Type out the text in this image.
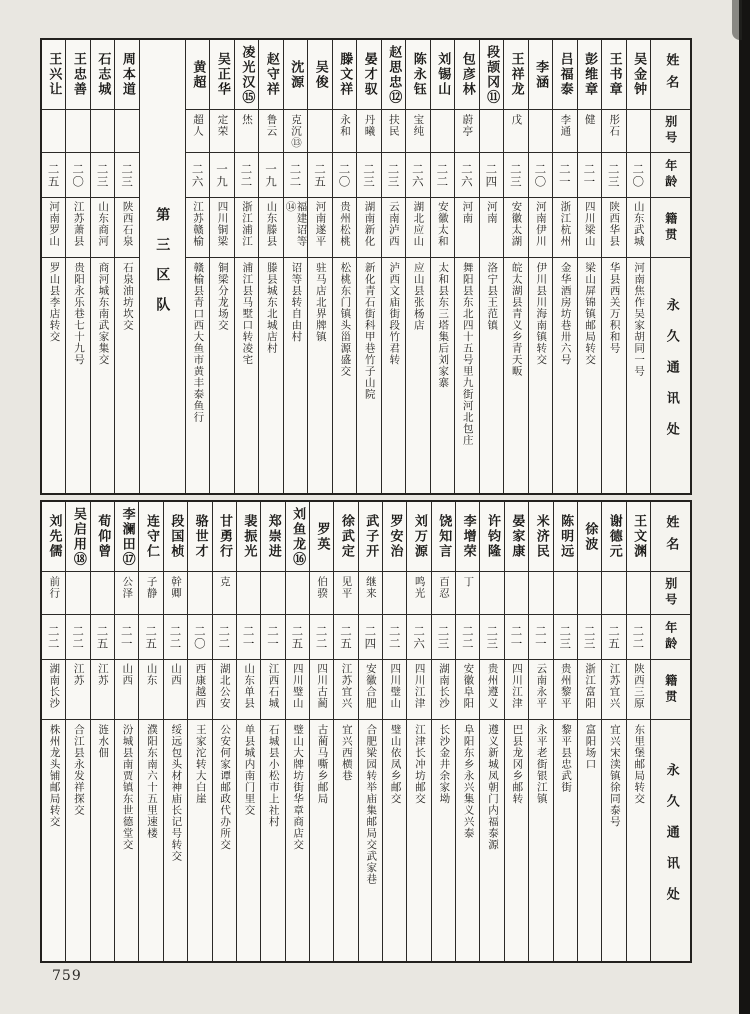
姓名
别号
年龄
籍贯
永久通讯处
吴金钟
二〇
山东武城
河南焦作吴家胡同一号
王书章
彤石
二三
陕西华县
华县西关万积和号
彭维章
健
二一
四川梁山
梁山屏锦镇邮局转交
吕福泰
李通
二一
浙江杭州
金华酒房坊巷卅六号
李涵
二〇
河南伊川
伊川县川海南镇转交
王祥龙
戊
二三
安徽太湖
皖太湖县青义乡青天畈
段颉冈⑪
二四
河南
洛宁县王范镇
包彦林
蔚亭
二六
河南
舞阳县东北四十五号里九街河北包庄
刘锡山
二二
安徽太和
太和县东三塔集后刘家寨
陈永钰
宝纯
二六
湖北应山
应山县张杨店
赵思忠⑫
扶民
二三
云南泸西
泸西文庙街段竹君转
晏才驭
丹曦
二三
湖南新化
新化青石街科甲巷竹子山院
滕文祥
永和
二〇
贵州松桃
松桃东门镇头甾源盛交
吴俊
二五
河南遂平
驻马店北界牌镇
沈源
克沉⑬
二二
福建诏等⑭
诏等县转自由村
赵守祥
鲁云
一九
山东滕县
滕县城东北城店村
凌光汉⑮
烋
二二
浙江浦江
浦江县马墅口转凌宅
吴正华
定荣
一九
四川铜梁
铜梁分龙场交
黄超
超人
二六
江苏赣榆
赣榆县青口西大鱼市黄丰泰鱼行
第三区队
周本道
二三
陕西石泉
石泉油坊坎交
石志城
二三
山东商河
商河城东南武家集交
王忠善
二〇
江苏萧县
贵阳永乐巷七十九号
王兴让
二五
河南罗山
罗山县李店转交
姓名
别号
年龄
籍贯
永久通讯处
王文渊
二二
陕西三原
东里堡邮局转交
谢德元
二五
江苏宜兴
宜兴宋渎镇徐同泰号
徐波
二三
浙江富阳
富阳场口
陈明远
二三
贵州黎平
黎平县忠武街
米济民
二一
云南永平
永平老街银江镇
晏家康
二一
四川江津
巴县龙冈乡邮转
许钧隆
二三
贵州遵义
遵义新城凤朝门内福泰源
李增荣
丁
二二
安徽阜阳
阜阳东乡永兴集义兴泰
饶知言
百忍
二三
湖南长沙
长沙金井余家坳
刘万源
鸣光
二六
四川江津
江津长冲坊邮交
罗安治
二二
四川璧山
璧山依凤乡邮交
武子开
继来
二四
安徽合肥
合肥梁园转举庙集邮局交武家巷
徐武定
见平
二五
江苏宜兴
宜兴西横巷
罗英
伯骙
二二
四川古蔺
古蔺马嘶乡邮局
刘鱼龙⑯
二五
四川璧山
璧山大牌坊街华章商店交
郑崇进
二一
江西石城
石城县小松市上社村
裴振光
二一
山东单县
单县城内南门里交
甘勇行
克
二二
湖北公安
公安何家谭邮政代办所交
骆世才
二〇
西康越西
王家沱转大白崖
段国桢
幹卿
二二
山西
绥远包头材神庙长记号转交
连守仁
子静
二五
山东
濮阳东南六十五里速楼
李澜田⑰
公泽
二一
山西
汾城县南贾镇东世德堂交
荀仰曾
二五
江苏
涟水佃
吴启用⑱
二二
江苏
合江县永发祥探交
刘先儒
前行
二二
湖南长沙
株州龙头铺邮局转交
759
